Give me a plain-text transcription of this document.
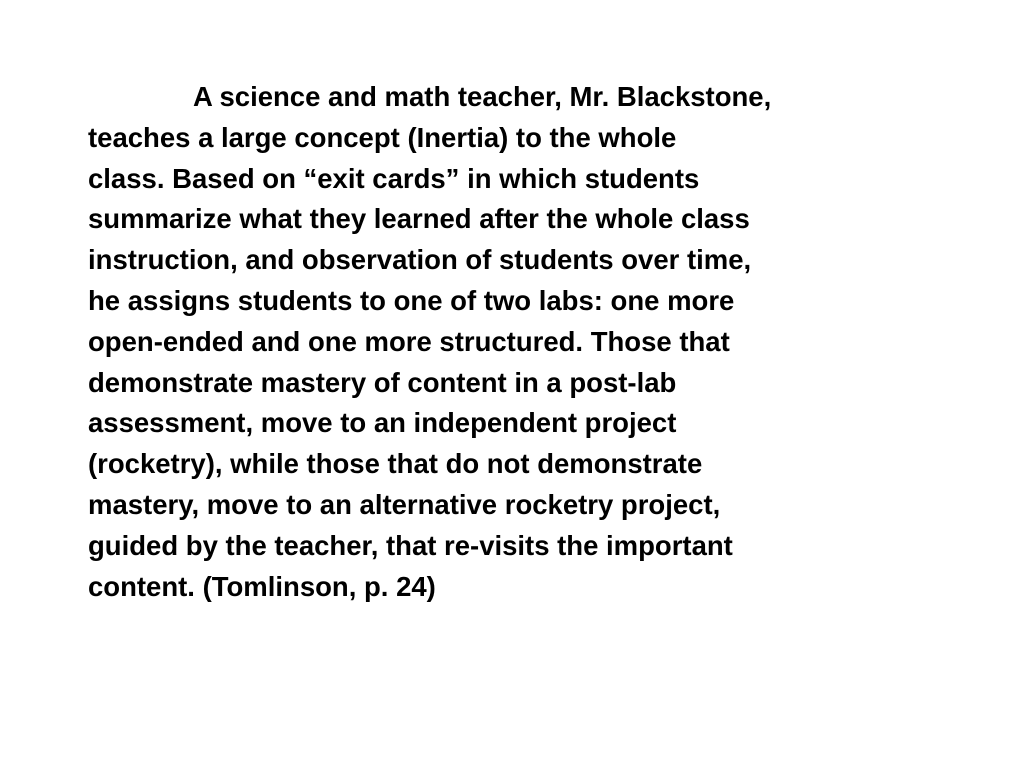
A science and math teacher, Mr. Blackstone,
teaches a large concept (Inertia) to the whole
class. Based on “exit cards” in which students
summarize what they learned after the whole class
instruction, and observation of students over time,
he assigns students to one of two labs: one more
open-ended and one more structured. Those that
demonstrate mastery of content in a post-lab
assessment, move to an independent project
(rocketry), while those that do not demonstrate
mastery, move to an alternative rocketry project,
guided by the teacher, that re-visits the important
content. (Tomlinson, p. 24)
